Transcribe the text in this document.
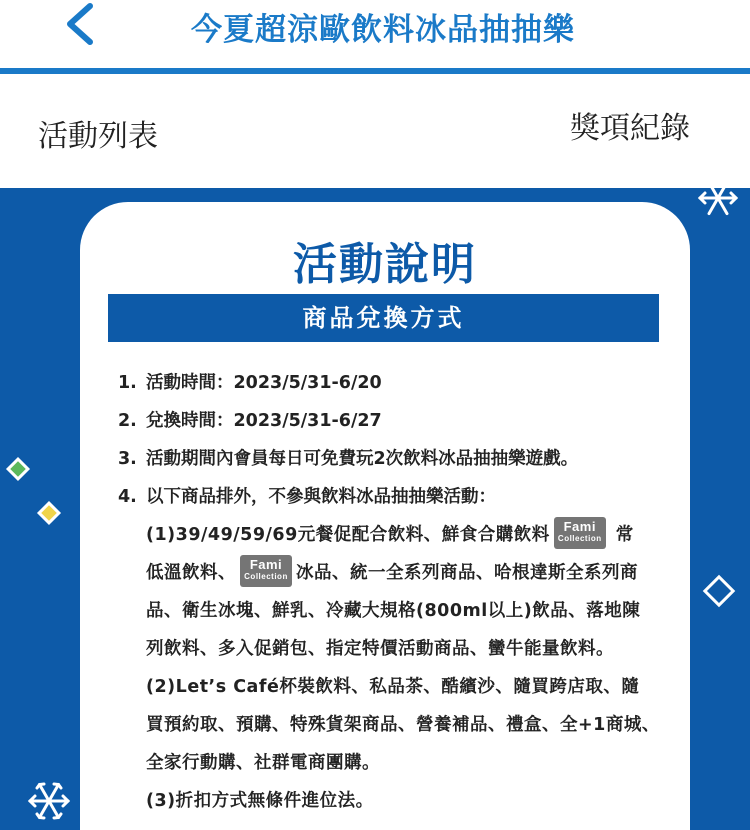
今夏超涼歐飲料冰品抽抽樂
活動列表	獎項紀錄
活動說明
商品兌換方式
1. 活動時間：2023/5/31-6/20
2. 兌換時間：2023/5/31-6/27
3. 活動期間內會員每日可免費玩2次飲料冰品抽抽樂遊戲。
4. 以下商品排外，不參與飲料冰品抽抽樂活動：
(1)39/49/59/69元餐促配合飲料、鮮食合購飲料	Fami
Collection 常
低溫飲料、	Fami
Collection 冰品、統一全系列商品、哈根達斯全系列商
品、衛生冰塊、鮮乳、冷藏大規格(800ml以上)飲品、落地陳
列飲料、多入促銷包、指定特價活動商品、蠻牛能量飲料。
(2)Let’s Café杯裝飲料、私品茶、酷繽沙、隨買跨店取、隨
買預約取、預購、特殊貨架商品、營養補品、禮盒、全+1商城、
全家行動購、社群電商團購。
(3)折扣方式無條件進位法。
